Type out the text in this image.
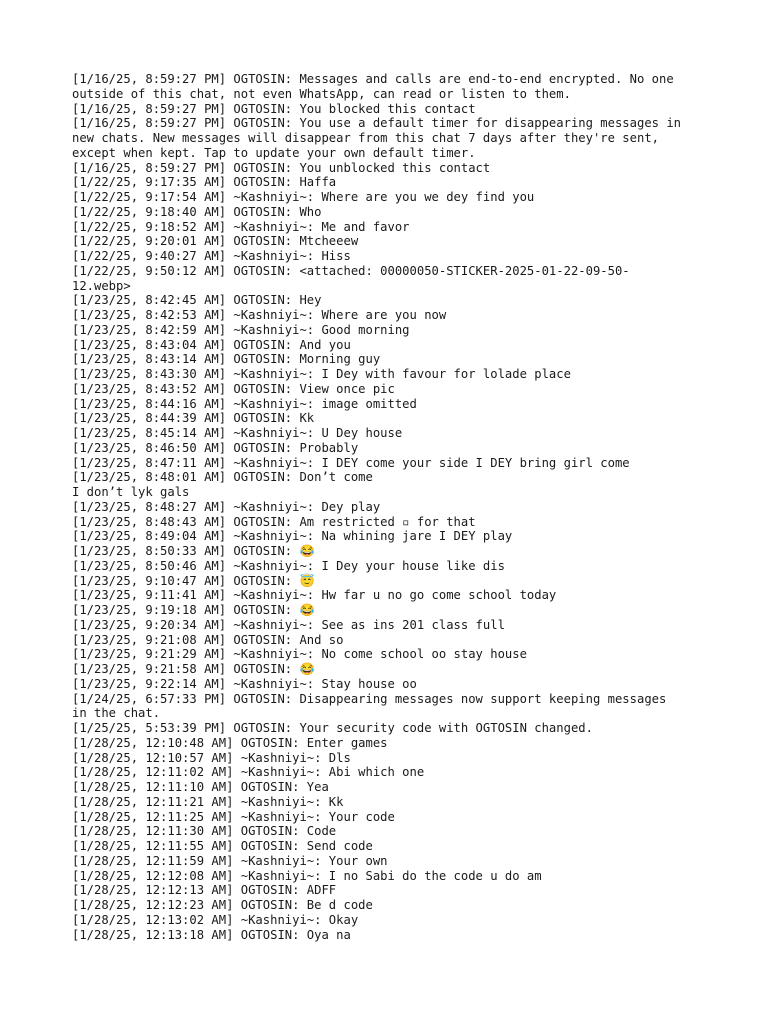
[1/16/25, 8:59:27 PM] OGTOSIN: Messages and calls are end-to-end encrypted. No one
outside of this chat, not even WhatsApp, can read or listen to them.
[1/16/25, 8:59:27 PM] OGTOSIN: You blocked this contact
[1/16/25, 8:59:27 PM] OGTOSIN: You use a default timer for disappearing messages in
new chats. New messages will disappear from this chat 7 days after they're sent,
except when kept. Tap to update your own default timer.
[1/16/25, 8:59:27 PM] OGTOSIN: You unblocked this contact
[1/22/25, 9:17:35 AM] OGTOSIN: Haffa
[1/22/25, 9:17:54 AM] ~Kashniyi~: Where are you we dey find you
[1/22/25, 9:18:40 AM] OGTOSIN: Who
[1/22/25, 9:18:52 AM] ~Kashniyi~: Me and favor
[1/22/25, 9:20:01 AM] OGTOSIN: Mtcheeew
[1/22/25, 9:40:27 AM] ~Kashniyi~: Hiss
[1/22/25, 9:50:12 AM] OGTOSIN: <attached: 00000050-STICKER-2025-01-22-09-50-
12.webp>
[1/23/25, 8:42:45 AM] OGTOSIN: Hey
[1/23/25, 8:42:53 AM] ~Kashniyi~: Where are you now
[1/23/25, 8:42:59 AM] ~Kashniyi~: Good morning
[1/23/25, 8:43:04 AM] OGTOSIN: And you
[1/23/25, 8:43:14 AM] OGTOSIN: Morning guy
[1/23/25, 8:43:30 AM] ~Kashniyi~: I Dey with favour for lolade place
[1/23/25, 8:43:52 AM] OGTOSIN: View once pic
[1/23/25, 8:44:16 AM] ~Kashniyi~: image omitted
[1/23/25, 8:44:39 AM] OGTOSIN: Kk
[1/23/25, 8:45:14 AM] ~Kashniyi~: U Dey house
[1/23/25, 8:46:50 AM] OGTOSIN: Probably
[1/23/25, 8:47:11 AM] ~Kashniyi~: I DEY come your side I DEY bring girl come
[1/23/25, 8:48:01 AM] OGTOSIN: Don’t come
I don’t lyk gals
[1/23/25, 8:48:27 AM] ~Kashniyi~: Dey play
[1/23/25, 8:48:43 AM] OGTOSIN: Am restricted ▫ for that
[1/23/25, 8:49:04 AM] ~Kashniyi~: Na whining jare I DEY play
[1/23/25, 8:50:33 AM] OGTOSIN: 😂
[1/23/25, 8:50:46 AM] ~Kashniyi~: I Dey your house like dis
[1/23/25, 9:10:47 AM] OGTOSIN: 😇
[1/23/25, 9:11:41 AM] ~Kashniyi~: Hw far u no go come school today
[1/23/25, 9:19:18 AM] OGTOSIN: 😂
[1/23/25, 9:20:34 AM] ~Kashniyi~: See as ins 201 class full
[1/23/25, 9:21:08 AM] OGTOSIN: And so
[1/23/25, 9:21:29 AM] ~Kashniyi~: No come school oo stay house
[1/23/25, 9:21:58 AM] OGTOSIN: 😂
[1/23/25, 9:22:14 AM] ~Kashniyi~: Stay house oo
[1/24/25, 6:57:33 PM] OGTOSIN: Disappearing messages now support keeping messages
in the chat.
[1/25/25, 5:53:39 PM] OGTOSIN: Your security code with OGTOSIN changed.
[1/28/25, 12:10:48 AM] OGTOSIN: Enter games
[1/28/25, 12:10:57 AM] ~Kashniyi~: Dls
[1/28/25, 12:11:02 AM] ~Kashniyi~: Abi which one
[1/28/25, 12:11:10 AM] OGTOSIN: Yea
[1/28/25, 12:11:21 AM] ~Kashniyi~: Kk
[1/28/25, 12:11:25 AM] ~Kashniyi~: Your code
[1/28/25, 12:11:30 AM] OGTOSIN: Code
[1/28/25, 12:11:55 AM] OGTOSIN: Send code
[1/28/25, 12:11:59 AM] ~Kashniyi~: Your own
[1/28/25, 12:12:08 AM] ~Kashniyi~: I no Sabi do the code u do am
[1/28/25, 12:12:13 AM] OGTOSIN: ADFF
[1/28/25, 12:12:23 AM] OGTOSIN: Be d code
[1/28/25, 12:13:02 AM] ~Kashniyi~: Okay
[1/28/25, 12:13:18 AM] OGTOSIN: Oya na
